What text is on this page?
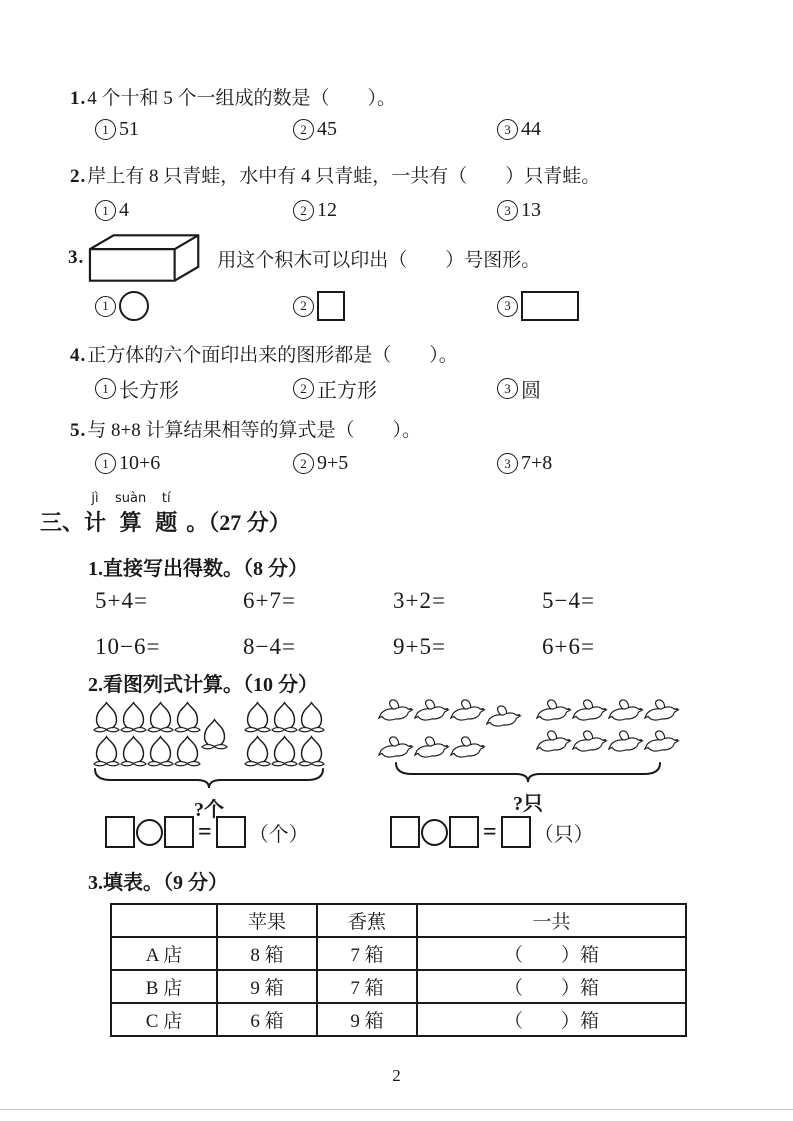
1.4 个十和 5 个一组成的数是（　　）。
1 51	2 45	3 44
2.岸上有 8 只青蛙，水中有 4 只青蛙，一共有（　　）只青蛙。
1 4	2 12	3 13
3.	用这个积木可以印出（　　）号图形。
1	2	3
4.正方体的六个面印出来的图形都是（　　）。
1 长方形	2 正方形	3 圆
5.与 8+8 计算结果相等的算式是（　　）。
1 10+6	2 9+5	3 7+8
三、
jì
计
suàn
算
tí
题 。（27 分）
1.直接写出得数。（8 分）
5+4=	6+7=	3+2=	5−4=
10−6=	8−4=	9+5=	6+6=
2.看图列式计算。（10 分）
?个	?只
= （个）	= （只）
3.填表。（9 分）
	苹果	香蕉	一共
A 店	8 箱	7 箱	（　　）箱
B 店	9 箱	7 箱	（　　）箱
C 店	6 箱	9 箱	（　　）箱
2
